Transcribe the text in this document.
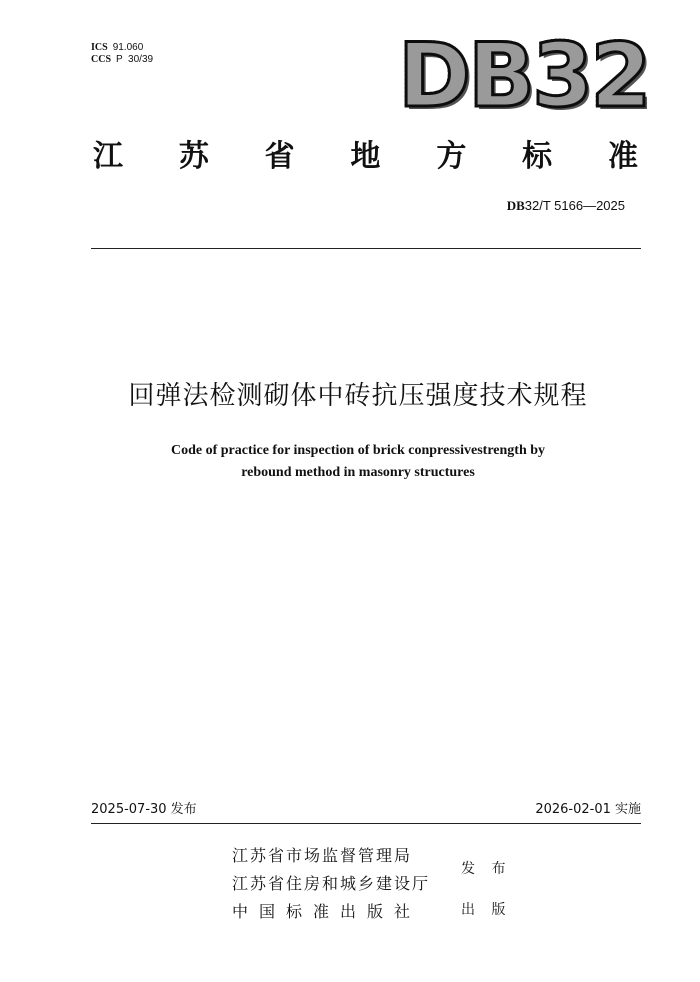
ICS 91.060
CCS P  30/39	DB32
江 苏 省 地 方 标 准
DB32/T 5166—2025
回弹法检测砌体中砖抗压强度技术规程
Code of practice for inspection of brick conpressivestrength by
rebound method in masonry structures
2025-07-30 发布	2026-02-01 实施
江苏省市场监督管理局
江苏省住房和城乡建设厅
中国标准出版社
发 布
出 版
